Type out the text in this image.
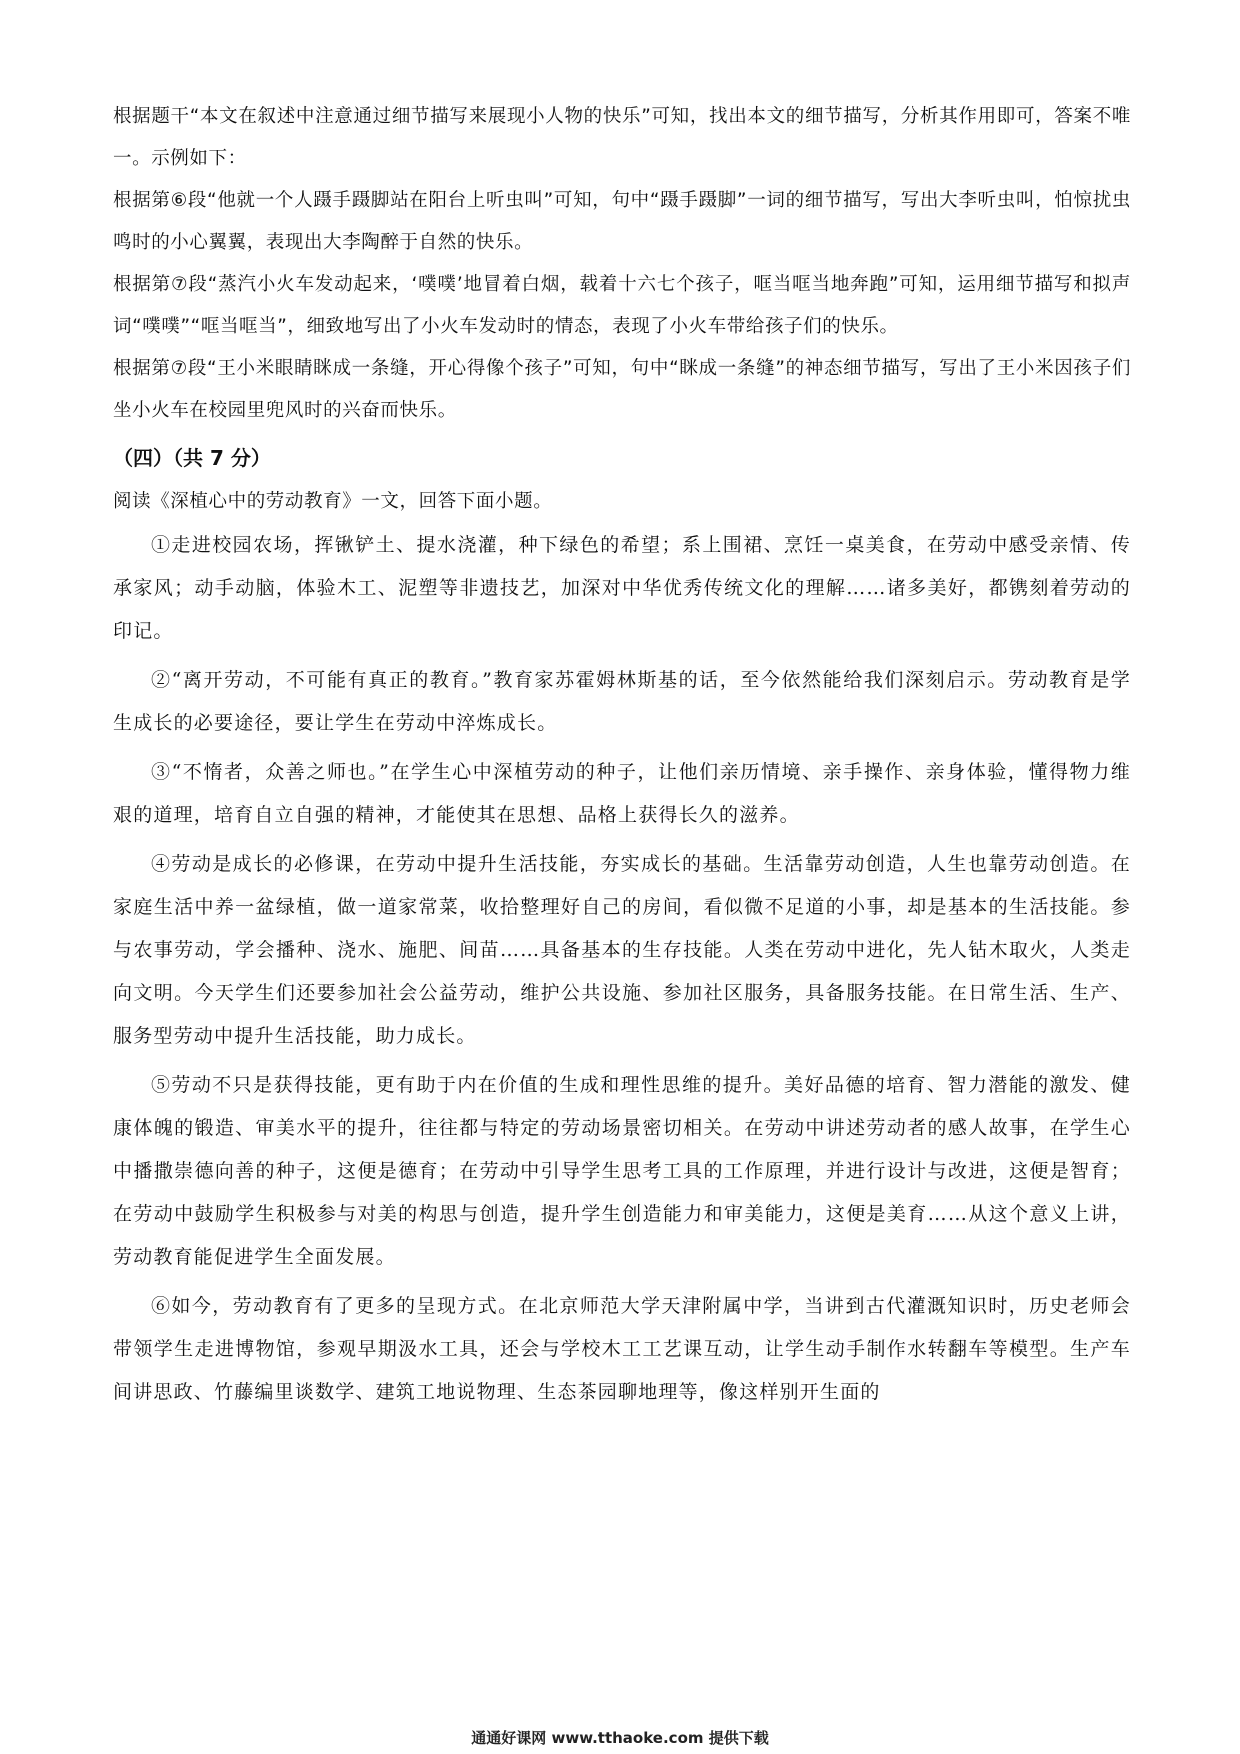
根据题干“本文在叙述中注意通过细节描写来展现小人物的快乐”可知，找出本文的细节描写，分析其作用即可，答案不唯一。示例如下：

根据第⑥段“他就一个人蹑手蹑脚站在阳台上听虫叫”可知，句中“蹑手蹑脚”一词的细节描写，写出大李听虫叫，怕惊扰虫鸣时的小心翼翼，表现出大李陶醉于自然的快乐。

根据第⑦段“蒸汽小火车发动起来，‘噗噗’地冒着白烟，载着十六七个孩子，哐当哐当地奔跑”可知，运用细节描写和拟声词“噗噗”“哐当哐当”，细致地写出了小火车发动时的情态，表现了小火车带给孩子们的快乐。

根据第⑦段“王小米眼睛眯成一条缝，开心得像个孩子”可知，句中“眯成一条缝”的神态细节描写，写出了王小米因孩子们坐小火车在校园里兜风时的兴奋而快乐。

（四）（共 7 分）

阅读《深植心中的劳动教育》一文，回答下面小题。

①走进校园农场，挥锹铲土、提水浇灌，种下绿色的希望；系上围裙、烹饪一桌美食，在劳动中感受亲情、传承家风；动手动脑，体验木工、泥塑等非遗技艺，加深对中华优秀传统文化的理解……诸多美好，都镌刻着劳动的印记。

②“离开劳动，不可能有真正的教育。”教育家苏霍姆林斯基的话，至今依然能给我们深刻启示。劳动教育是学生成长的必要途径，要让学生在劳动中淬炼成长。

③“不惰者，众善之师也。”在学生心中深植劳动的种子，让他们亲历情境、亲手操作、亲身体验，懂得物力维艰的道理，培育自立自强的精神，才能使其在思想、品格上获得长久的滋养。

④劳动是成长的必修课，在劳动中提升生活技能，夯实成长的基础。生活靠劳动创造，人生也靠劳动创造。在家庭生活中养一盆绿植，做一道家常菜，收拾整理好自己的房间，看似微不足道的小事，却是基本的生活技能。参与农事劳动，学会播种、浇水、施肥、间苗……具备基本的生存技能。人类在劳动中进化，先人钻木取火，人类走向文明。今天学生们还要参加社会公益劳动，维护公共设施、参加社区服务，具备服务技能。在日常生活、生产、服务型劳动中提升生活技能，助力成长。

⑤劳动不只是获得技能，更有助于内在价值的生成和理性思维的提升。美好品德的培育、智力潜能的激发、健康体魄的锻造、审美水平的提升，往往都与特定的劳动场景密切相关。在劳动中讲述劳动者的感人故事，在学生心中播撒崇德向善的种子，这便是德育；在劳动中引导学生思考工具的工作原理，并进行设计与改进，这便是智育；在劳动中鼓励学生积极参与对美的构思与创造，提升学生创造能力和审美能力，这便是美育……从这个意义上讲，劳动教育能促进学生全面发展。

⑥如今，劳动教育有了更多的呈现方式。在北京师范大学天津附属中学，当讲到古代灌溉知识时，历史老师会带领学生走进博物馆，参观早期汲水工具，还会与学校木工工艺课互动，让学生动手制作水转翻车等模型。生产车间讲思政、竹藤编里谈数学、建筑工地说物理、生态茶园聊地理等，像这样别开生面的

通通好课网 www.tthaoke.com 提供下载
